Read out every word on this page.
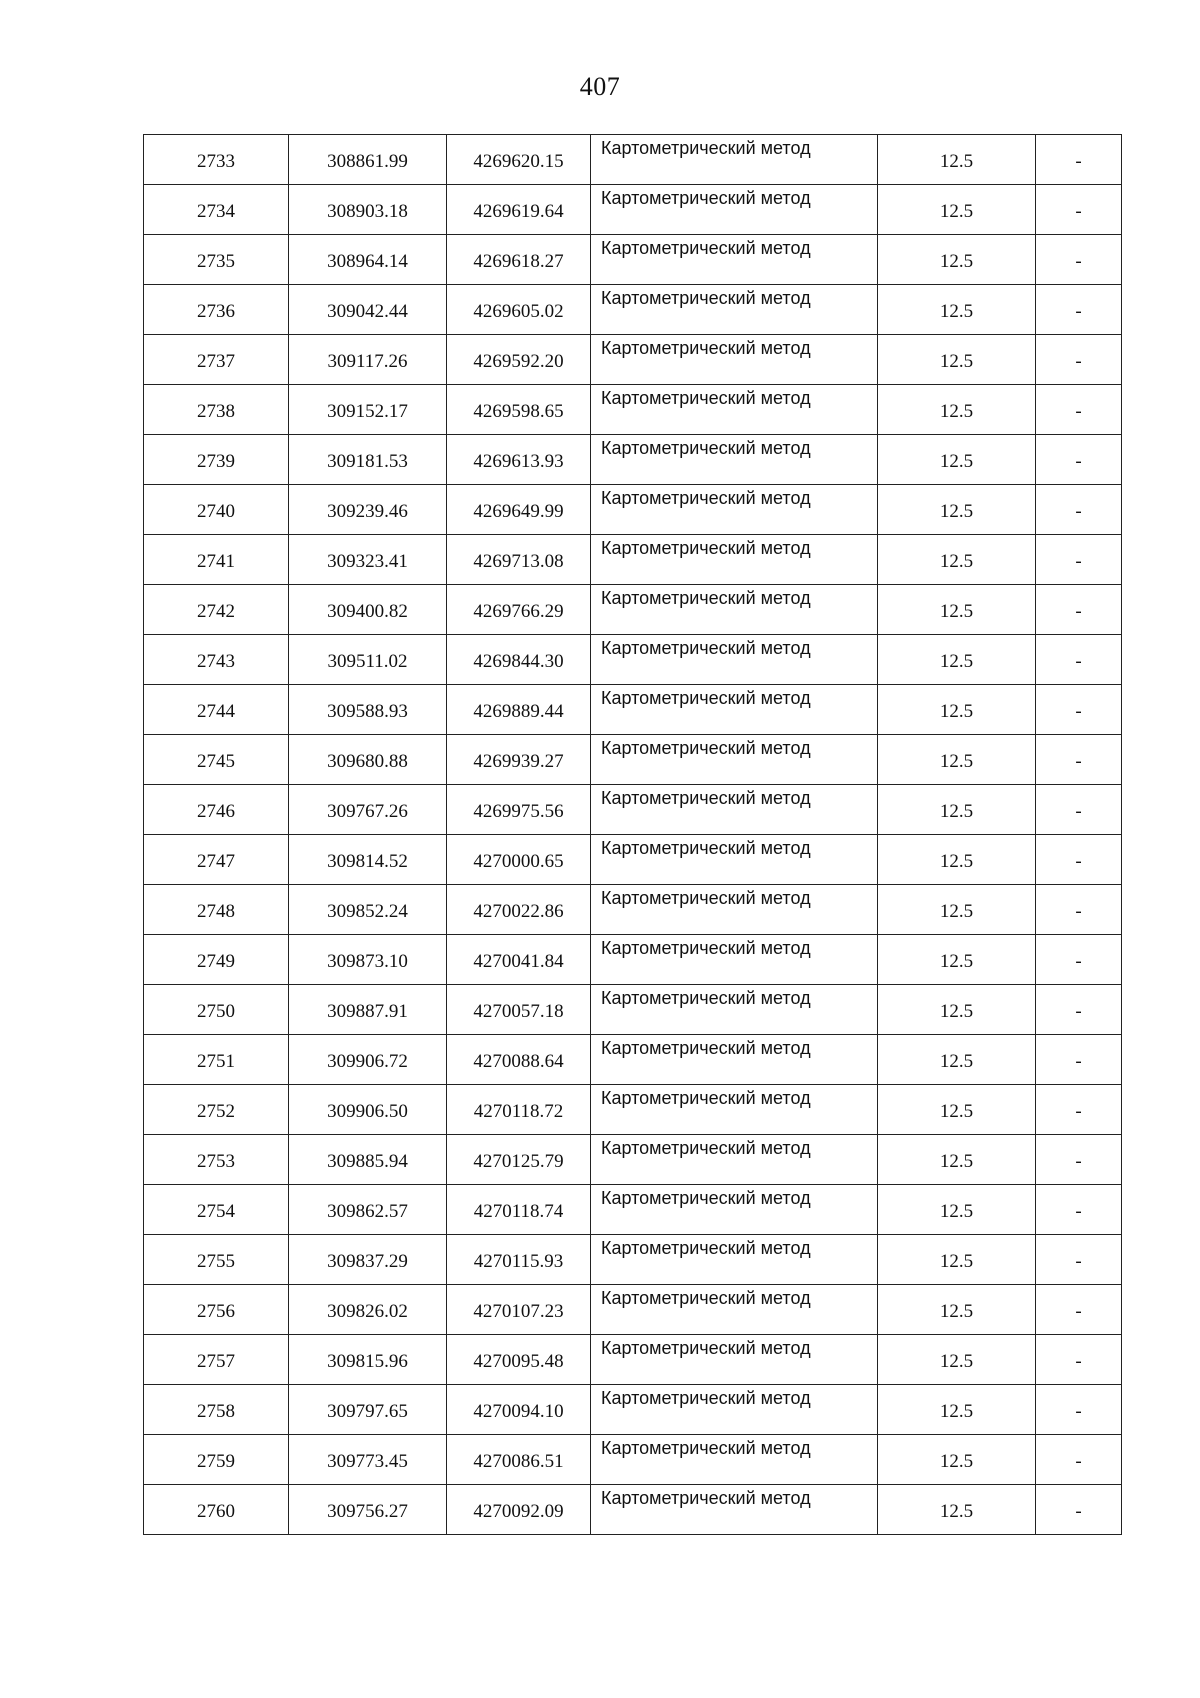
407
2733	308861.99	4269620.15	Картометрический метод	12.5	-
2734	308903.18	4269619.64	Картометрический метод	12.5	-
2735	308964.14	4269618.27	Картометрический метод	12.5	-
2736	309042.44	4269605.02	Картометрический метод	12.5	-
2737	309117.26	4269592.20	Картометрический метод	12.5	-
2738	309152.17	4269598.65	Картометрический метод	12.5	-
2739	309181.53	4269613.93	Картометрический метод	12.5	-
2740	309239.46	4269649.99	Картометрический метод	12.5	-
2741	309323.41	4269713.08	Картометрический метод	12.5	-
2742	309400.82	4269766.29	Картометрический метод	12.5	-
2743	309511.02	4269844.30	Картометрический метод	12.5	-
2744	309588.93	4269889.44	Картометрический метод	12.5	-
2745	309680.88	4269939.27	Картометрический метод	12.5	-
2746	309767.26	4269975.56	Картометрический метод	12.5	-
2747	309814.52	4270000.65	Картометрический метод	12.5	-
2748	309852.24	4270022.86	Картометрический метод	12.5	-
2749	309873.10	4270041.84	Картометрический метод	12.5	-
2750	309887.91	4270057.18	Картометрический метод	12.5	-
2751	309906.72	4270088.64	Картометрический метод	12.5	-
2752	309906.50	4270118.72	Картометрический метод	12.5	-
2753	309885.94	4270125.79	Картометрический метод	12.5	-
2754	309862.57	4270118.74	Картометрический метод	12.5	-
2755	309837.29	4270115.93	Картометрический метод	12.5	-
2756	309826.02	4270107.23	Картометрический метод	12.5	-
2757	309815.96	4270095.48	Картометрический метод	12.5	-
2758	309797.65	4270094.10	Картометрический метод	12.5	-
2759	309773.45	4270086.51	Картометрический метод	12.5	-
2760	309756.27	4270092.09	Картометрический метод	12.5	-
